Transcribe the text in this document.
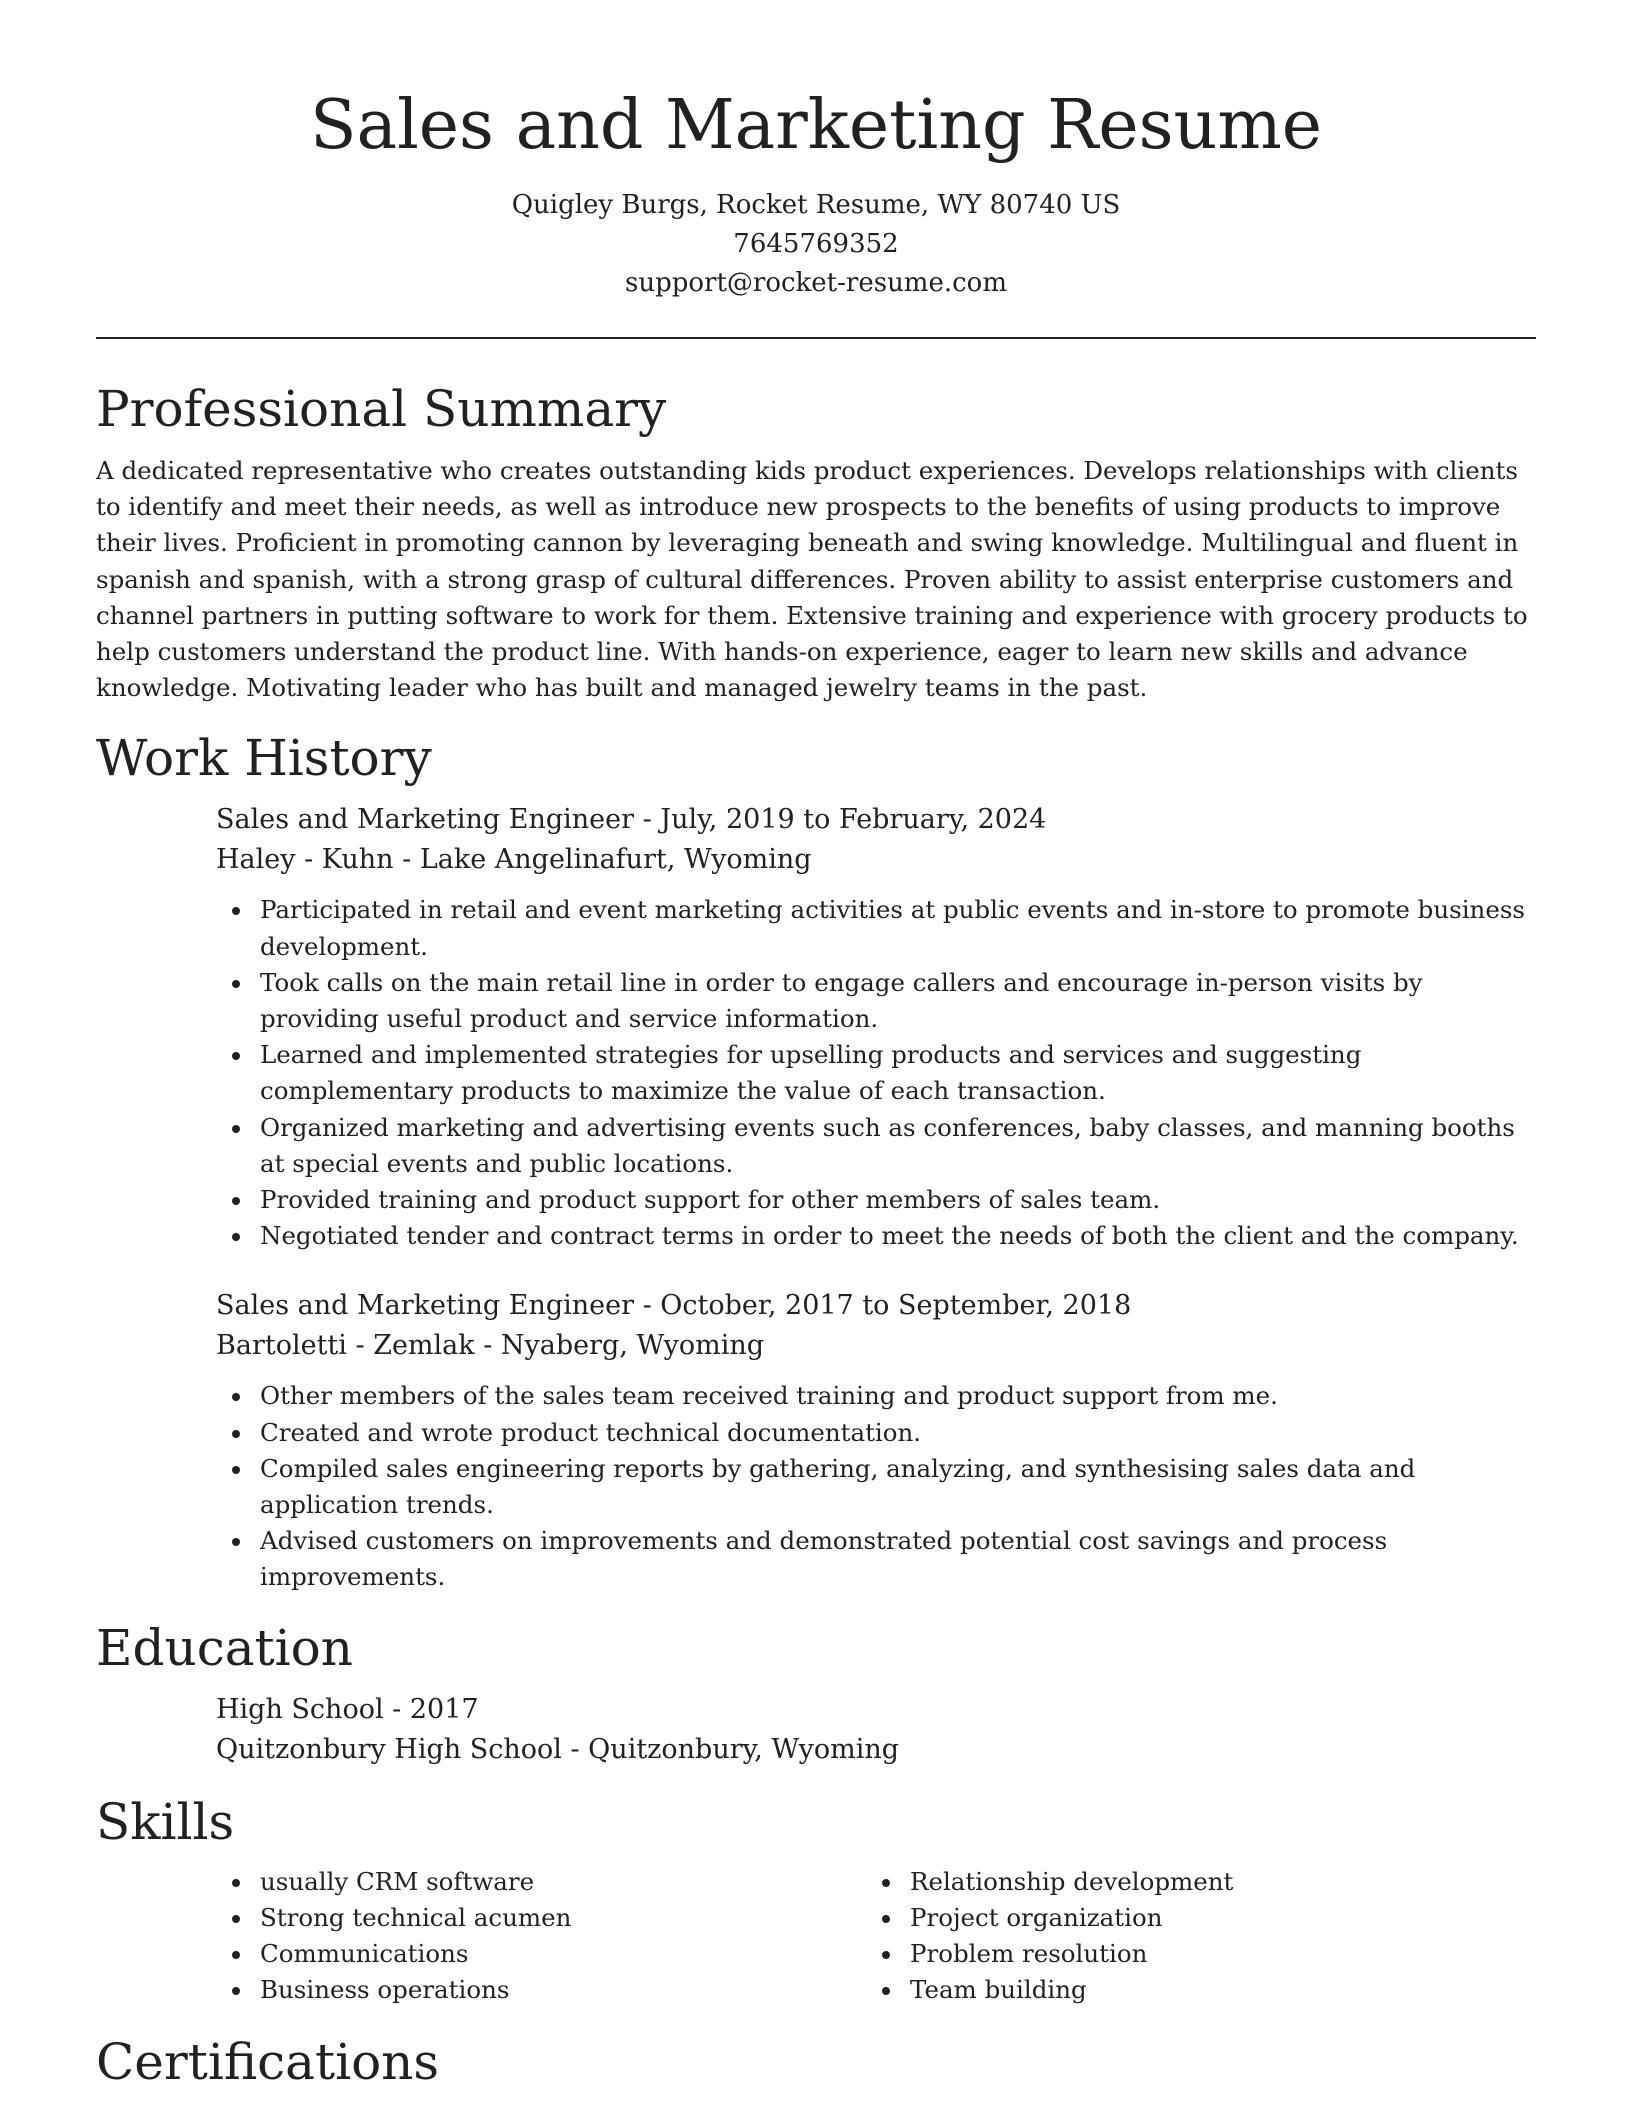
Sales and Marketing Resume
Quigley Burgs, Rocket Resume, WY 80740 US
7645769352
support@rocket-resume.com
Professional Summary

A dedicated representative who creates outstanding kids product experiences. Develops relationships with clients to identify and meet their needs, as well as introduce new prospects to the benefits of using products to improve their lives. Proficient in promoting cannon by leveraging beneath and swing knowledge. Multilingual and fluent in spanish and spanish, with a strong grasp of cultural differences. Proven ability to assist enterprise customers and channel partners in putting software to work for them. Extensive training and experience with grocery products to help customers understand the product line. With hands-on experience, eager to learn new skills and advance knowledge. Motivating leader who has built and managed jewelry teams in the past.

Work History
Sales and Marketing Engineer - July, 2019 to February, 2024
Haley - Kuhn - Lake Angelinafurt, Wyoming
Participated in retail and event marketing activities at public events and in-store to promote business development.
Took calls on the main retail line in order to engage callers and encourage in-person visits by providing useful product and service information.
Learned and implemented strategies for upselling products and services and suggesting complementary products to maximize the value of each transaction.
Organized marketing and advertising events such as conferences, baby classes, and manning booths at special events and public locations.
Provided training and product support for other members of sales team.
Negotiated tender and contract terms in order to meet the needs of both the client and the company.
Sales and Marketing Engineer - October, 2017 to September, 2018
Bartoletti - Zemlak - Nyaberg, Wyoming
Other members of the sales team received training and product support from me.
Created and wrote product technical documentation.
Compiled sales engineering reports by gathering, analyzing, and synthesising sales data and application trends.
Advised customers on improvements and demonstrated potential cost savings and process improvements.
Education
High School - 2017
Quitzonbury High School - Quitzonbury, Wyoming
Skills
usually CRM software
Strong technical acumen
Communications
Business operations
Relationship development
Project organization
Problem resolution
Team building
Certifications
